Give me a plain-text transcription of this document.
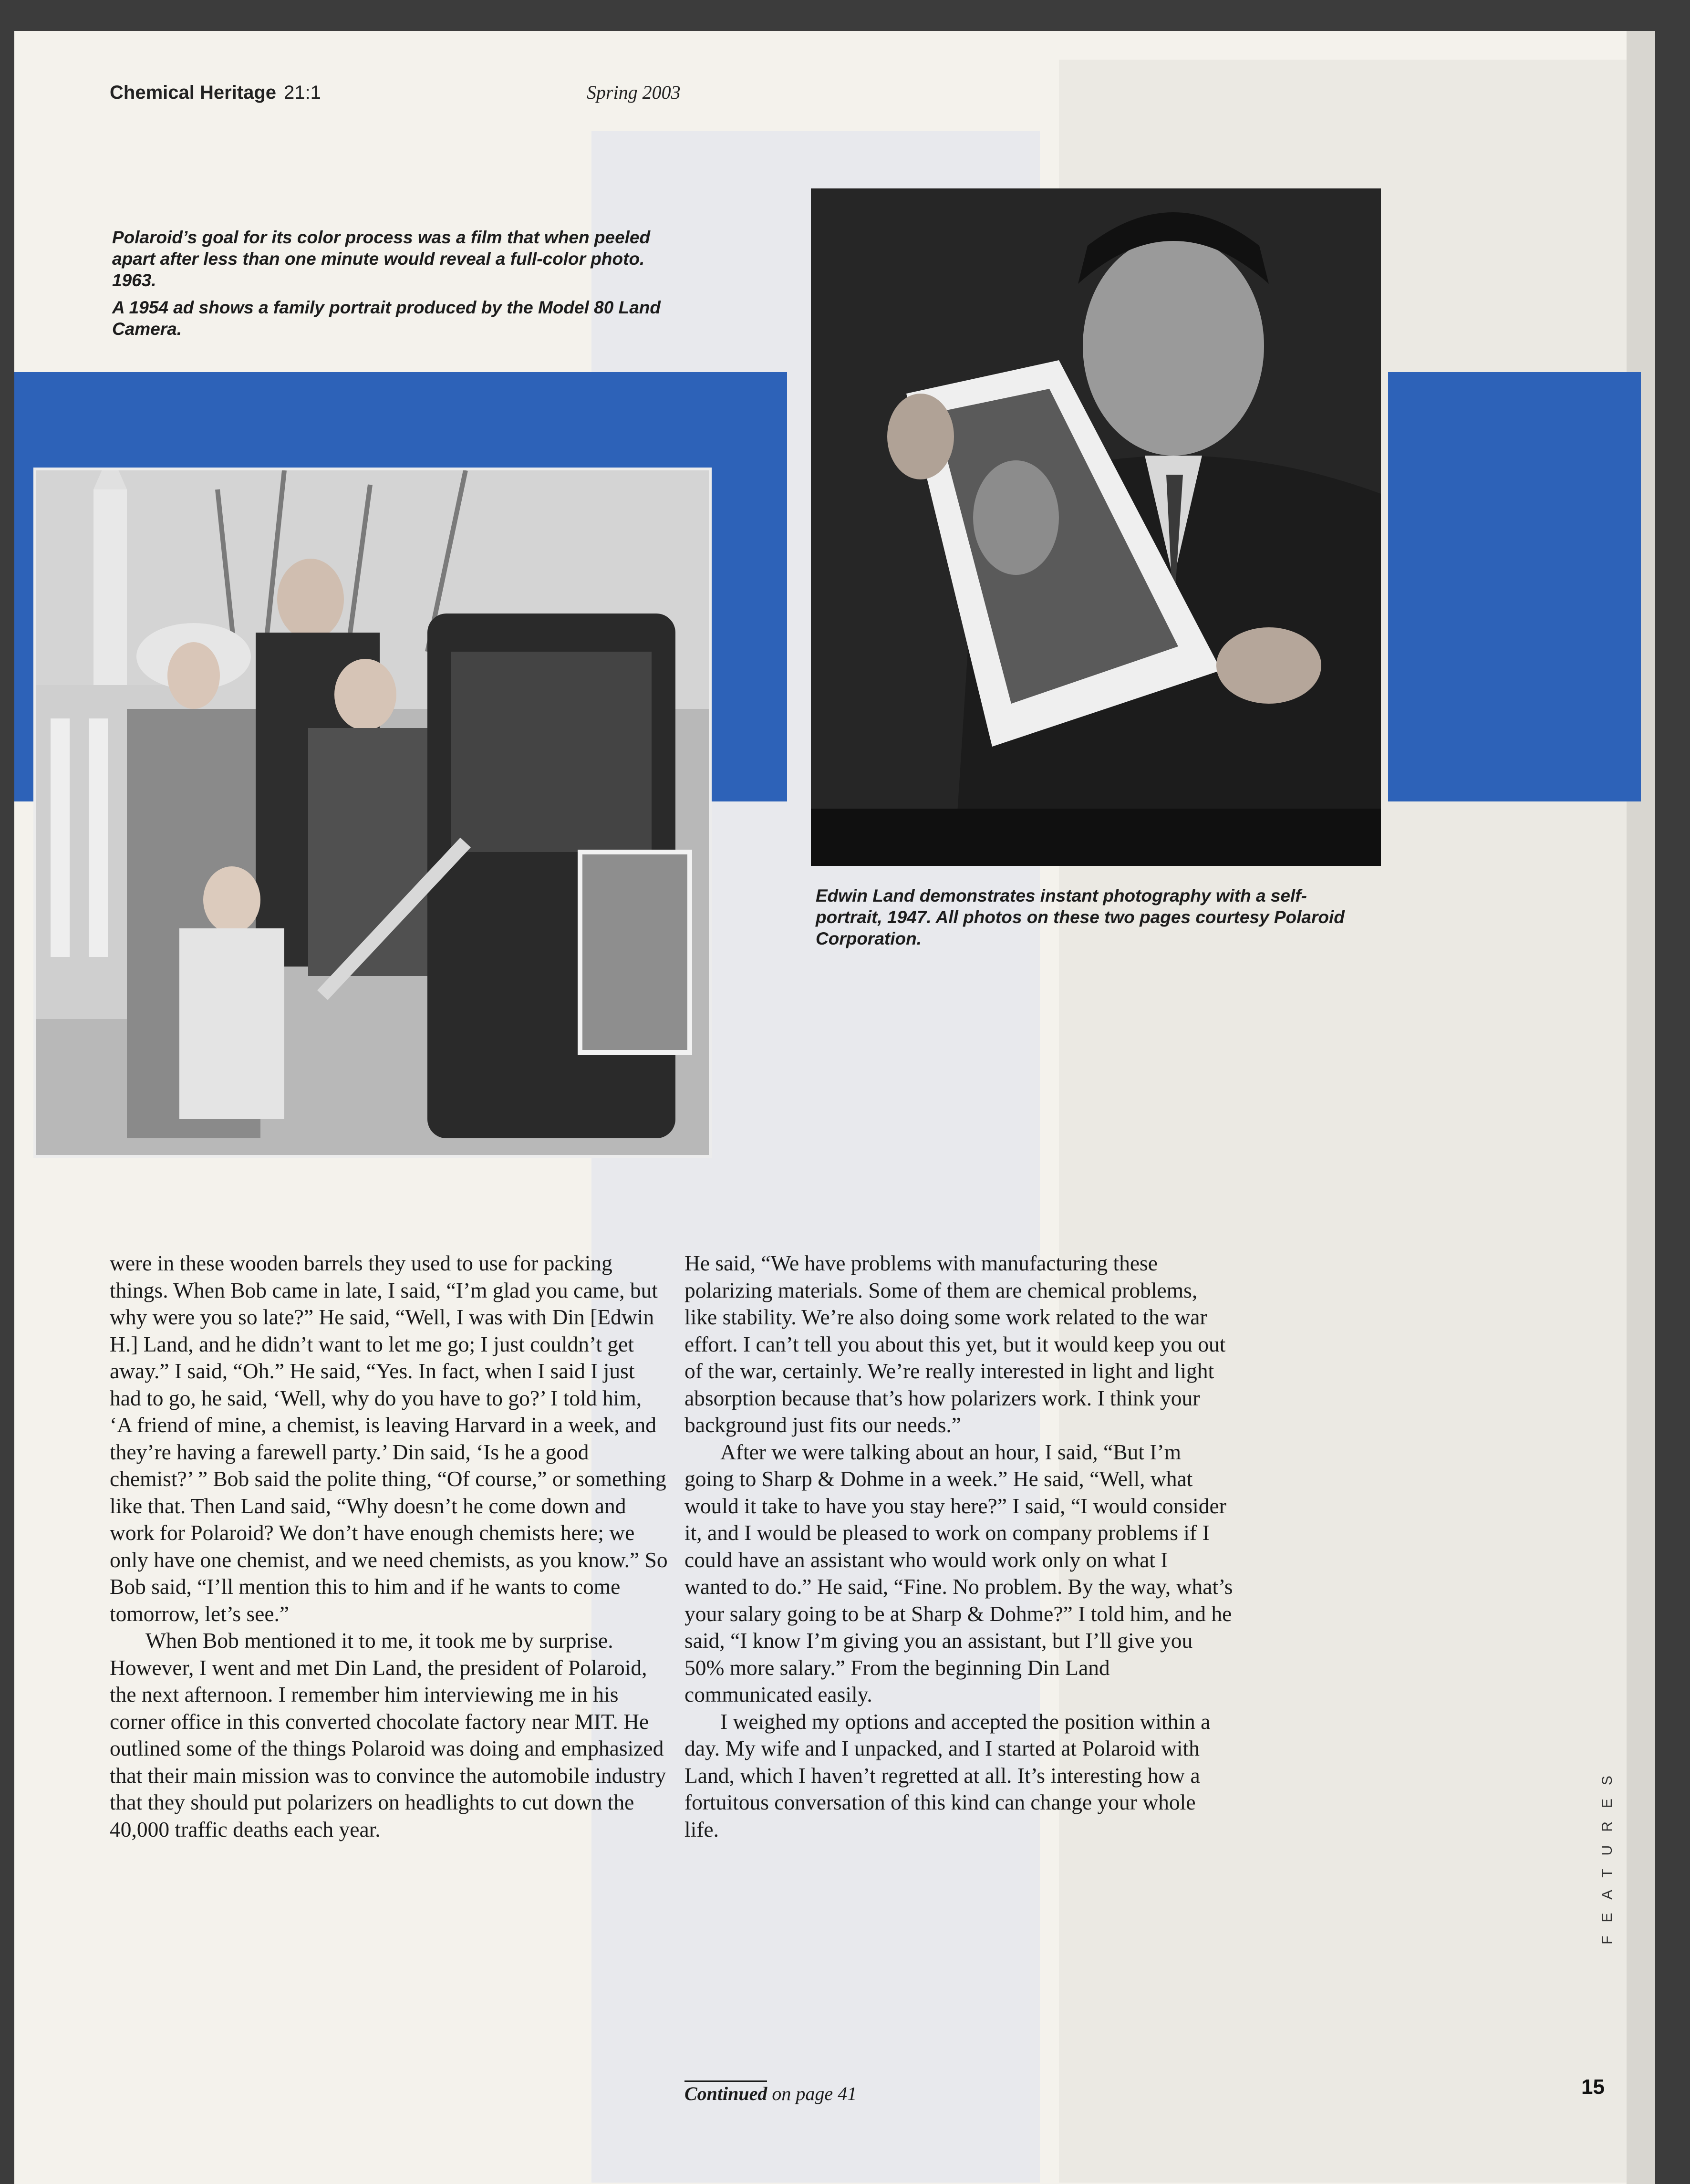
Chemical Heritage 21:1	Spring 2003

Polaroid’s goal for its color process was a film that when peeled apart after less than one minute would reveal a full-color photo. 1963.

A 1954 ad shows a family portrait produced by the Model 80 Land Camera.

Edwin Land demonstrates instant photography with a self-portrait, 1947. All photos on these two pages courtesy Polaroid Corporation.

were in these wooden barrels they used to use for packing things. When Bob came in late, I said, “I’m glad you came, but why were you so late?” He said, “Well, I was with Din [Edwin H.] Land, and he didn’t want to let me go; I just couldn’t get away.” I said, “Oh.” He said, “Yes. In fact, when I said I just had to go, he said, ‘Well, why do you have to go?’ I told him, ‘A friend of mine, a chemist, is leaving Harvard in a week, and they’re having a farewell party.’ Din said, ‘Is he a good chemist?’ ” Bob said the polite thing, “Of course,” or something like that. Then Land said, “Why doesn’t he come down and work for Polaroid? We don’t have enough chemists here; we only have one chemist, and we need chemists, as you know.” So Bob said, “I’ll mention this to him and if he wants to come tomorrow, let’s see.”

When Bob mentioned it to me, it took me by surprise. However, I went and met Din Land, the president of Polaroid, the next afternoon. I remember him interviewing me in his corner office in this converted chocolate factory near MIT. He outlined some of the things Polaroid was doing and emphasized that their main mission was to convince the automobile industry that they should put polarizers on headlights to cut down the 40,000 traffic deaths each year.

He said, “We have problems with manufacturing these polarizing materials. Some of them are chemical problems, like stability. We’re also doing some work related to the war effort. I can’t tell you about this yet, but it would keep you out of the war, certainly. We’re really interested in light and light absorption because that’s how polarizers work. I think your background just fits our needs.”

After we were talking about an hour, I said, “But I’m going to Sharp & Dohme in a week.” He said, “Well, what would it take to have you stay here?” I said, “I would consider it, and I would be pleased to work on company problems if I could have an assistant who would work only on what I wanted to do.” He said, “Fine. No problem. By the way, what’s your salary going to be at Sharp & Dohme?” I told him, and he said, “I know I’m giving you an assistant, but I’ll give you 50% more salary.” From the beginning Din Land communicated easily.

I weighed my options and accepted the position within a day. My wife and I unpacked, and I started at Polaroid with Land, which I haven’t regretted at all. It’s interesting how a fortuitous conversation of this kind can change your whole life.

Continued on page 41
FEATURES
15
